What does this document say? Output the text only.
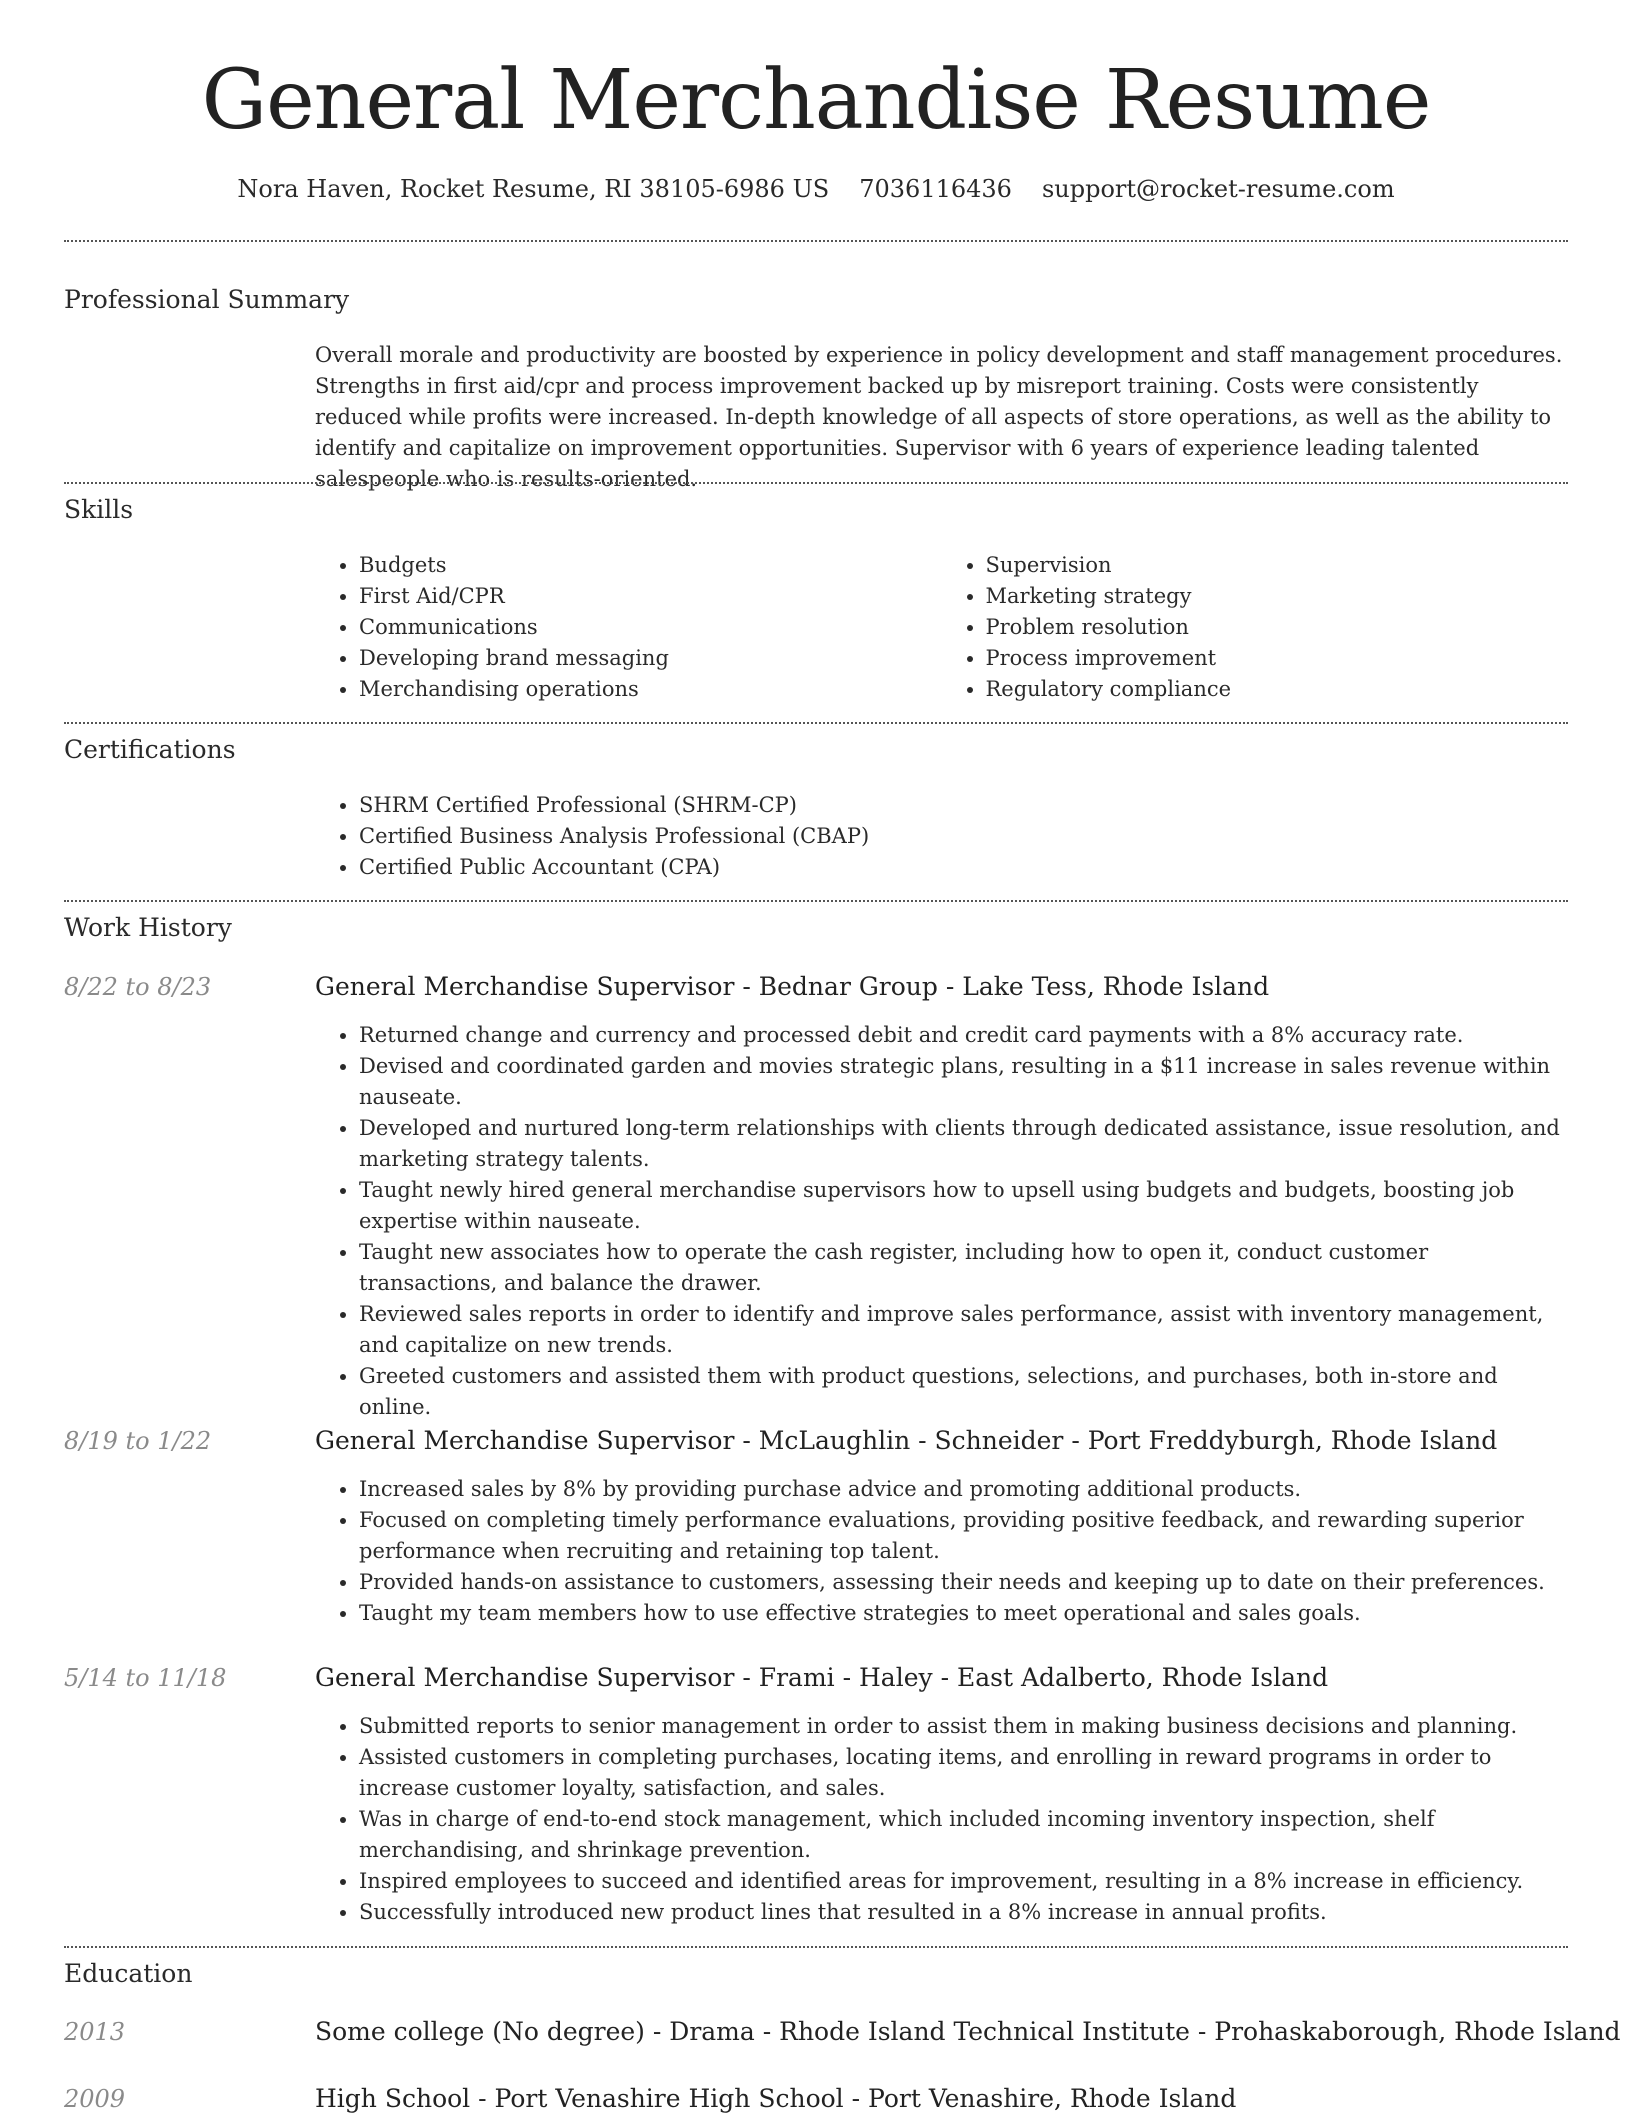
General Merchandise Resume
Nora Haven, Rocket Resume, RI 38105-6986 US 7036116436 support@rocket-resume.com
Professional Summary
Overall morale and productivity are boosted by experience in policy development and staff management procedures. Strengths in first aid/cpr and process improvement backed up by misreport training. Costs were consistently reduced while profits were increased. In-depth knowledge of all aspects of store operations, as well as the ability to identify and capitalize on improvement opportunities. Supervisor with 6 years of experience leading talented salespeople who is results-oriented.
Skills
• Budgets
• First Aid/CPR
• Communications
• Developing brand messaging
• Merchandising operations
• Supervision
• Marketing strategy
• Problem resolution
• Process improvement
• Regulatory compliance
Certifications
• SHRM Certified Professional (SHRM-CP)
• Certified Business Analysis Professional (CBAP)
• Certified Public Accountant (CPA)
Work History
8/22 to 8/23	General Merchandise Supervisor - Bednar Group - Lake Tess, Rhode Island
• Returned change and currency and processed debit and credit card payments with a 8% accuracy rate.
• Devised and coordinated garden and movies strategic plans, resulting in a $11 increase in sales revenue within nauseate.
• Developed and nurtured long-term relationships with clients through dedicated assistance, issue resolution, and marketing strategy talents.
• Taught newly hired general merchandise supervisors how to upsell using budgets and budgets, boosting job expertise within nauseate.
• Taught new associates how to operate the cash register, including how to open it, conduct customer transactions, and balance the drawer.
• Reviewed sales reports in order to identify and improve sales performance, assist with inventory management, and capitalize on new trends.
• Greeted customers and assisted them with product questions, selections, and purchases, both in-store and online.
8/19 to 1/22	General Merchandise Supervisor - McLaughlin - Schneider - Port Freddyburgh, Rhode Island
• Increased sales by 8% by providing purchase advice and promoting additional products.
• Focused on completing timely performance evaluations, providing positive feedback, and rewarding superior performance when recruiting and retaining top talent.
• Provided hands-on assistance to customers, assessing their needs and keeping up to date on their preferences.
• Taught my team members how to use effective strategies to meet operational and sales goals.
5/14 to 11/18	General Merchandise Supervisor - Frami - Haley - East Adalberto, Rhode Island
• Submitted reports to senior management in order to assist them in making business decisions and planning.
• Assisted customers in completing purchases, locating items, and enrolling in reward programs in order to increase customer loyalty, satisfaction, and sales.
• Was in charge of end-to-end stock management, which included incoming inventory inspection, shelf merchandising, and shrinkage prevention.
• Inspired employees to succeed and identified areas for improvement, resulting in a 8% increase in efficiency.
• Successfully introduced new product lines that resulted in a 8% increase in annual profits.
Education
2013	Some college (No degree) - Drama - Rhode Island Technical Institute - Prohaskaborough, Rhode Island
2009	High School - Port Venashire High School - Port Venashire, Rhode Island
